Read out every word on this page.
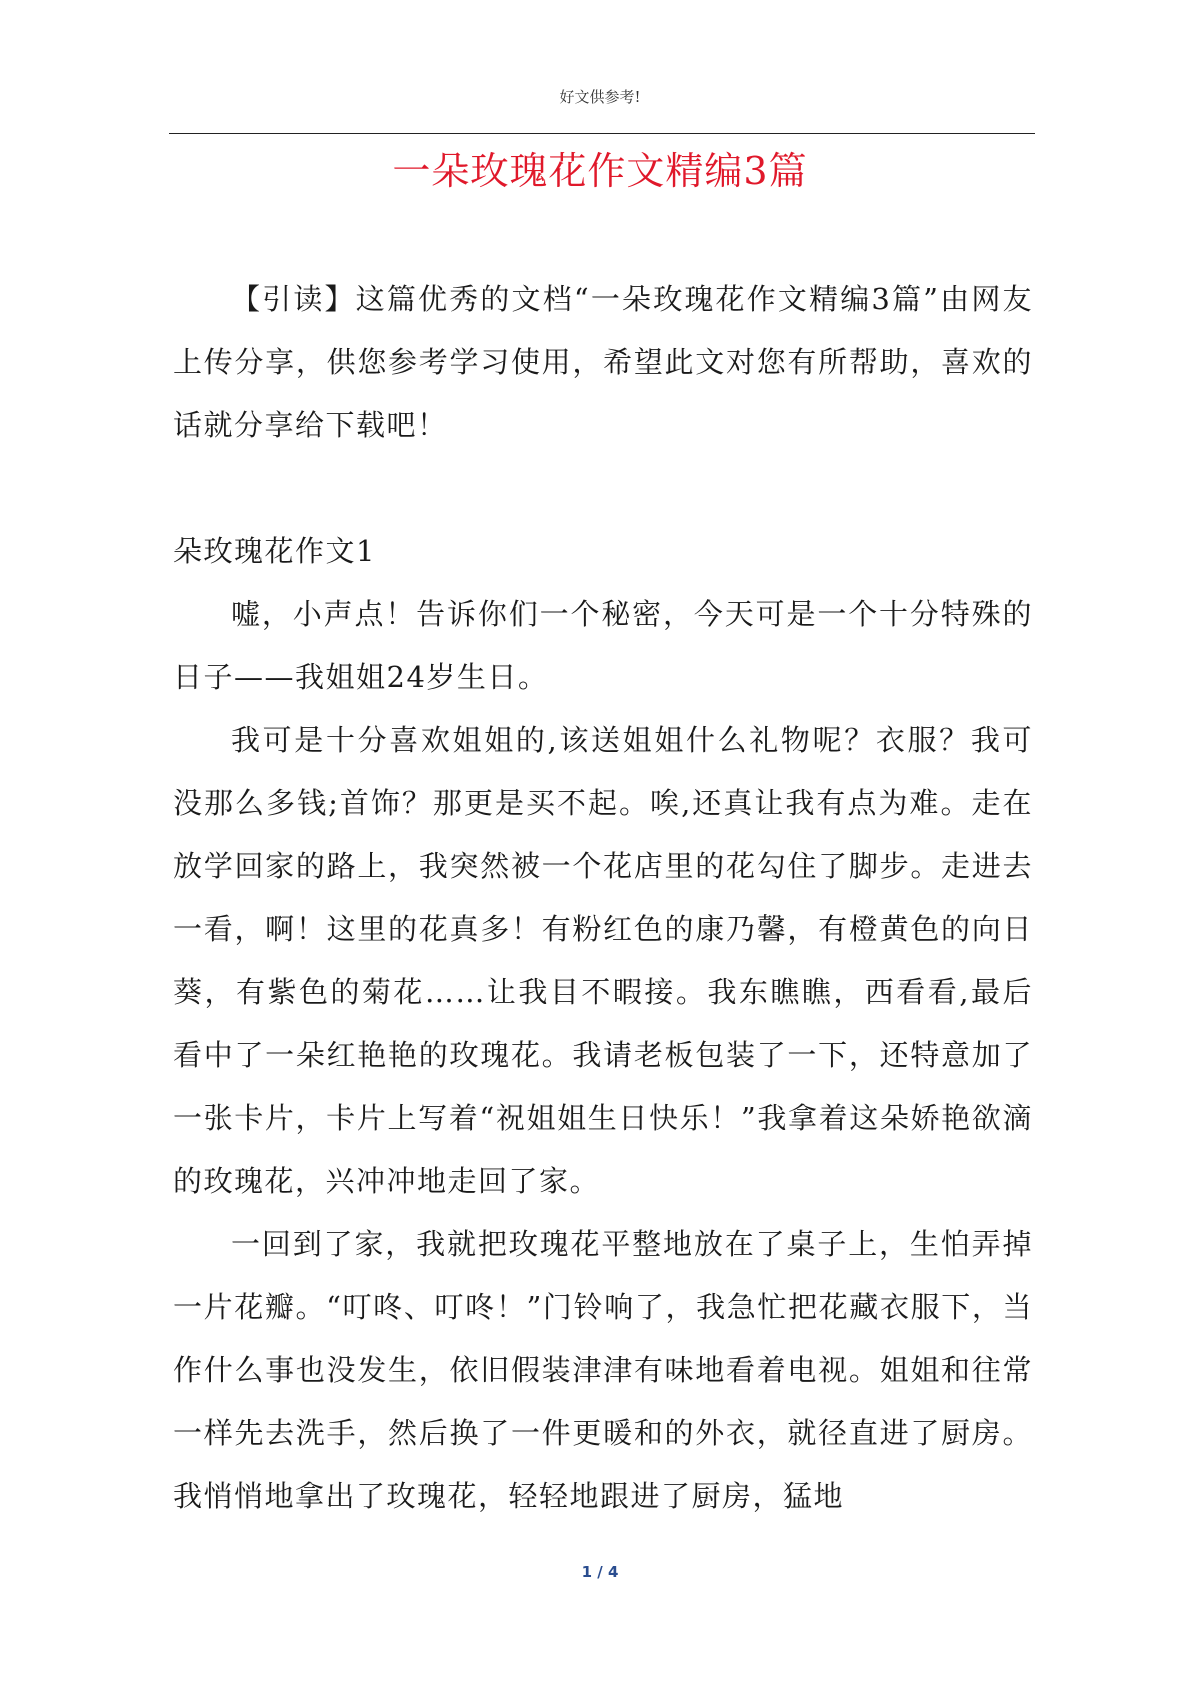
好文供参考!
一朵玫瑰花作文精编3篇

【引读】这篇优秀的文档“一朵玫瑰花作文精编3篇”由网友上传分享，供您参考学习使用，希望此文对您有所帮助，喜欢的话就分享给下载吧！

朵玫瑰花作文1

嘘，小声点！告诉你们一个秘密，今天可是一个十分特殊的日子——我姐姐24岁生日。

我可是十分喜欢姐姐的,该送姐姐什么礼物呢？衣服？我可没那么多钱;首饰？那更是买不起。唉,还真让我有点为难。走在放学回家的路上，我突然被一个花店里的花勾住了脚步。走进去一看，啊！这里的花真多！有粉红色的康乃馨，有橙黄色的向日葵，有紫色的菊花……让我目不暇接。我东瞧瞧，西看看,最后看中了一朵红艳艳的玫瑰花。我请老板包装了一下，还特意加了一张卡片，卡片上写着“祝姐姐生日快乐！”我拿着这朵娇艳欲滴的玫瑰花，兴冲冲地走回了家。

一回到了家，我就把玫瑰花平整地放在了桌子上，生怕弄掉一片花瓣。“叮咚、叮咚！”门铃响了，我急忙把花藏衣服下，当作什么事也没发生，依旧假装津津有味地看着电视。姐姐和往常一样先去洗手，然后换了一件更暖和的外衣，就径直进了厨房。我悄悄地拿出了玫瑰花，轻轻地跟进了厨房，猛地

1 / 4
